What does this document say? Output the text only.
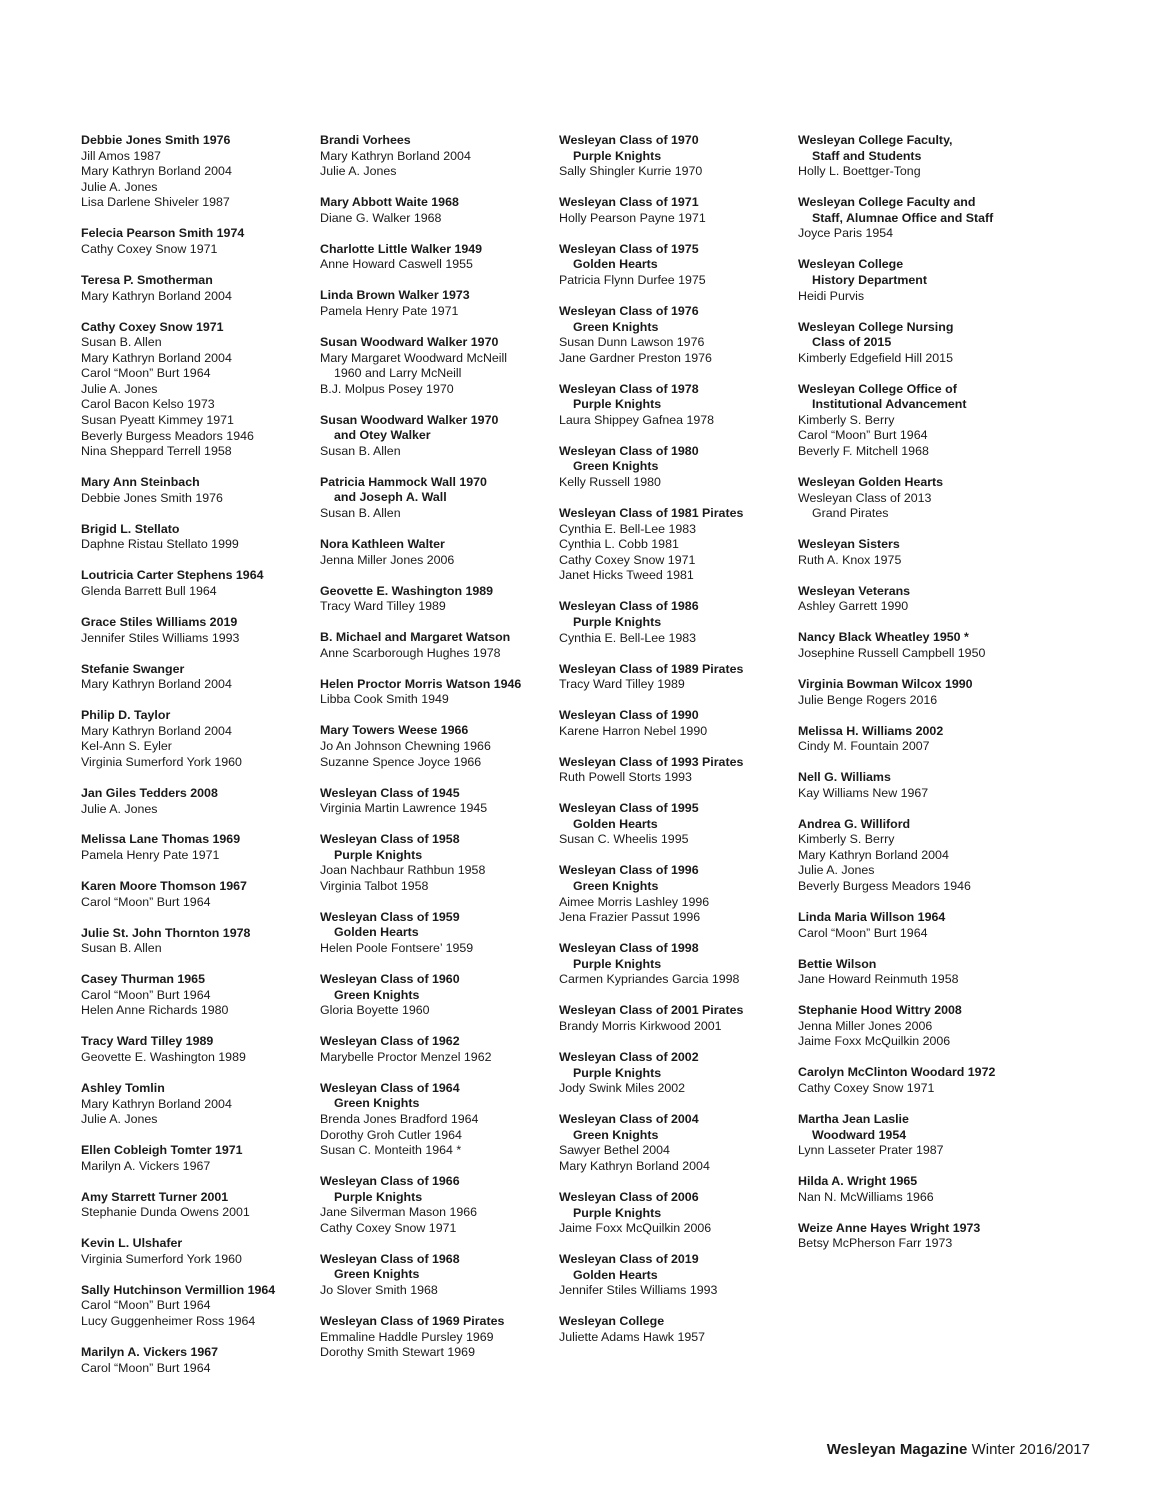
Debbie Jones Smith 1976
Jill Amos 1987
Mary Kathryn Borland 2004
Julie A. Jones
Lisa Darlene Shiveler 1987
Felecia Pearson Smith 1974
Cathy Coxey Snow 1971
Teresa P. Smotherman
Mary Kathryn Borland 2004
Cathy Coxey Snow 1971
Susan B. Allen
Mary Kathryn Borland 2004
Carol “Moon” Burt 1964
Julie A. Jones
Carol Bacon Kelso 1973
Susan Pyeatt Kimmey 1971
Beverly Burgess Meadors 1946
Nina Sheppard Terrell 1958
Mary Ann Steinbach
Debbie Jones Smith 1976
Brigid L. Stellato
Daphne Ristau Stellato 1999
Loutricia Carter Stephens 1964
Glenda Barrett Bull 1964
Grace Stiles Williams 2019
Jennifer Stiles Williams 1993
Stefanie Swanger
Mary Kathryn Borland 2004
Philip D. Taylor
Mary Kathryn Borland 2004
Kel-Ann S. Eyler
Virginia Sumerford York 1960
Jan Giles Tedders 2008
Julie A. Jones
Melissa Lane Thomas 1969
Pamela Henry Pate 1971
Karen Moore Thomson 1967
Carol “Moon” Burt 1964
Julie St. John Thornton 1978
Susan B. Allen
Casey Thurman 1965
Carol “Moon” Burt 1964
Helen Anne Richards 1980
Tracy Ward Tilley 1989
Geovette E. Washington 1989
Ashley Tomlin
Mary Kathryn Borland 2004
Julie A. Jones
Ellen Cobleigh Tomter 1971
Marilyn A. Vickers 1967
Amy Starrett Turner 2001
Stephanie Dunda Owens 2001
Kevin L. Ulshafer
Virginia Sumerford York 1960
Sally Hutchinson Vermillion 1964
Carol “Moon” Burt 1964
Lucy Guggenheimer Ross 1964
Marilyn A. Vickers 1967
Carol “Moon” Burt 1964
Brandi Vorhees
Mary Kathryn Borland 2004
Julie A. Jones
Mary Abbott Waite 1968
Diane G. Walker 1968
Charlotte Little Walker 1949
Anne Howard Caswell 1955
Linda Brown Walker 1973
Pamela Henry Pate 1971
Susan Woodward Walker 1970
Mary Margaret Woodward McNeill
1960 and Larry McNeill
B.J. Molpus Posey 1970
Susan Woodward Walker 1970
and Otey Walker
Susan B. Allen
Patricia Hammock Wall 1970
and Joseph A. Wall
Susan B. Allen
Nora Kathleen Walter
Jenna Miller Jones 2006
Geovette E. Washington 1989
Tracy Ward Tilley 1989
B. Michael and Margaret Watson
Anne Scarborough Hughes 1978
Helen Proctor Morris Watson 1946
Libba Cook Smith 1949
Mary Towers Weese 1966
Jo An Johnson Chewning 1966
Suzanne Spence Joyce 1966
Wesleyan Class of 1945
Virginia Martin Lawrence 1945
Wesleyan Class of 1958
Purple Knights
Joan Nachbaur Rathbun 1958
Virginia Talbot 1958
Wesleyan Class of 1959
Golden Hearts
Helen Poole Fontsere’ 1959
Wesleyan Class of 1960
Green Knights
Gloria Boyette 1960
Wesleyan Class of 1962
Marybelle Proctor Menzel 1962
Wesleyan Class of 1964
Green Knights
Brenda Jones Bradford 1964
Dorothy Groh Cutler 1964
Susan C. Monteith 1964 *
Wesleyan Class of 1966
Purple Knights
Jane Silverman Mason 1966
Cathy Coxey Snow 1971
Wesleyan Class of 1968
Green Knights
Jo Slover Smith 1968
Wesleyan Class of 1969 Pirates
Emmaline Haddle Pursley 1969
Dorothy Smith Stewart 1969
Wesleyan Class of 1970
Purple Knights
Sally Shingler Kurrie 1970
Wesleyan Class of 1971
Holly Pearson Payne 1971
Wesleyan Class of 1975
Golden Hearts
Patricia Flynn Durfee 1975
Wesleyan Class of 1976
Green Knights
Susan Dunn Lawson 1976
Jane Gardner Preston 1976
Wesleyan Class of 1978
Purple Knights
Laura Shippey Gafnea 1978
Wesleyan Class of 1980
Green Knights
Kelly Russell 1980
Wesleyan Class of 1981 Pirates
Cynthia E. Bell-Lee 1983
Cynthia L. Cobb 1981
Cathy Coxey Snow 1971
Janet Hicks Tweed 1981
Wesleyan Class of 1986
Purple Knights
Cynthia E. Bell-Lee 1983
Wesleyan Class of 1989 Pirates
Tracy Ward Tilley 1989
Wesleyan Class of 1990
Karene Harron Nebel 1990
Wesleyan Class of 1993 Pirates
Ruth Powell Storts 1993
Wesleyan Class of 1995
Golden Hearts
Susan C. Wheelis 1995
Wesleyan Class of 1996
Green Knights
Aimee Morris Lashley 1996
Jena Frazier Passut 1996
Wesleyan Class of 1998
Purple Knights
Carmen Kypriandes Garcia 1998
Wesleyan Class of 2001 Pirates
Brandy Morris Kirkwood 2001
Wesleyan Class of 2002
Purple Knights
Jody Swink Miles 2002
Wesleyan Class of 2004
Green Knights
Sawyer Bethel 2004
Mary Kathryn Borland 2004
Wesleyan Class of 2006
Purple Knights
Jaime Foxx McQuilkin 2006
Wesleyan Class of 2019
Golden Hearts
Jennifer Stiles Williams 1993
Wesleyan College
Juliette Adams Hawk 1957
Wesleyan College Faculty,
Staff and Students
Holly L. Boettger-Tong
Wesleyan College Faculty and
Staff, Alumnae Office and Staff
Joyce Paris 1954
Wesleyan College
History Department
Heidi Purvis
Wesleyan College Nursing
Class of 2015
Kimberly Edgefield Hill 2015
Wesleyan College Office of
Institutional Advancement
Kimberly S. Berry
Carol “Moon” Burt 1964
Beverly F. Mitchell 1968
Wesleyan Golden Hearts
Wesleyan Class of 2013
Grand Pirates
Wesleyan Sisters
Ruth A. Knox 1975
Wesleyan Veterans
Ashley Garrett 1990
Nancy Black Wheatley 1950 *
Josephine Russell Campbell 1950
Virginia Bowman Wilcox 1990
Julie Benge Rogers 2016
Melissa H. Williams 2002
Cindy M. Fountain 2007
Nell G. Williams
Kay Williams New 1967
Andrea G. Williford
Kimberly S. Berry
Mary Kathryn Borland 2004
Julie A. Jones
Beverly Burgess Meadors 1946
Linda Maria Willson 1964
Carol “Moon” Burt 1964
Bettie Wilson
Jane Howard Reinmuth 1958
Stephanie Hood Wittry 2008
Jenna Miller Jones 2006
Jaime Foxx McQuilkin 2006
Carolyn McClinton Woodard 1972
Cathy Coxey Snow 1971
Martha Jean Laslie
Woodward 1954
Lynn Lasseter Prater 1987
Hilda A. Wright 1965
Nan N. McWilliams 1966
Weize Anne Hayes Wright 1973
Betsy McPherson Farr 1973
Wesleyan Magazine Winter 2016/2017
